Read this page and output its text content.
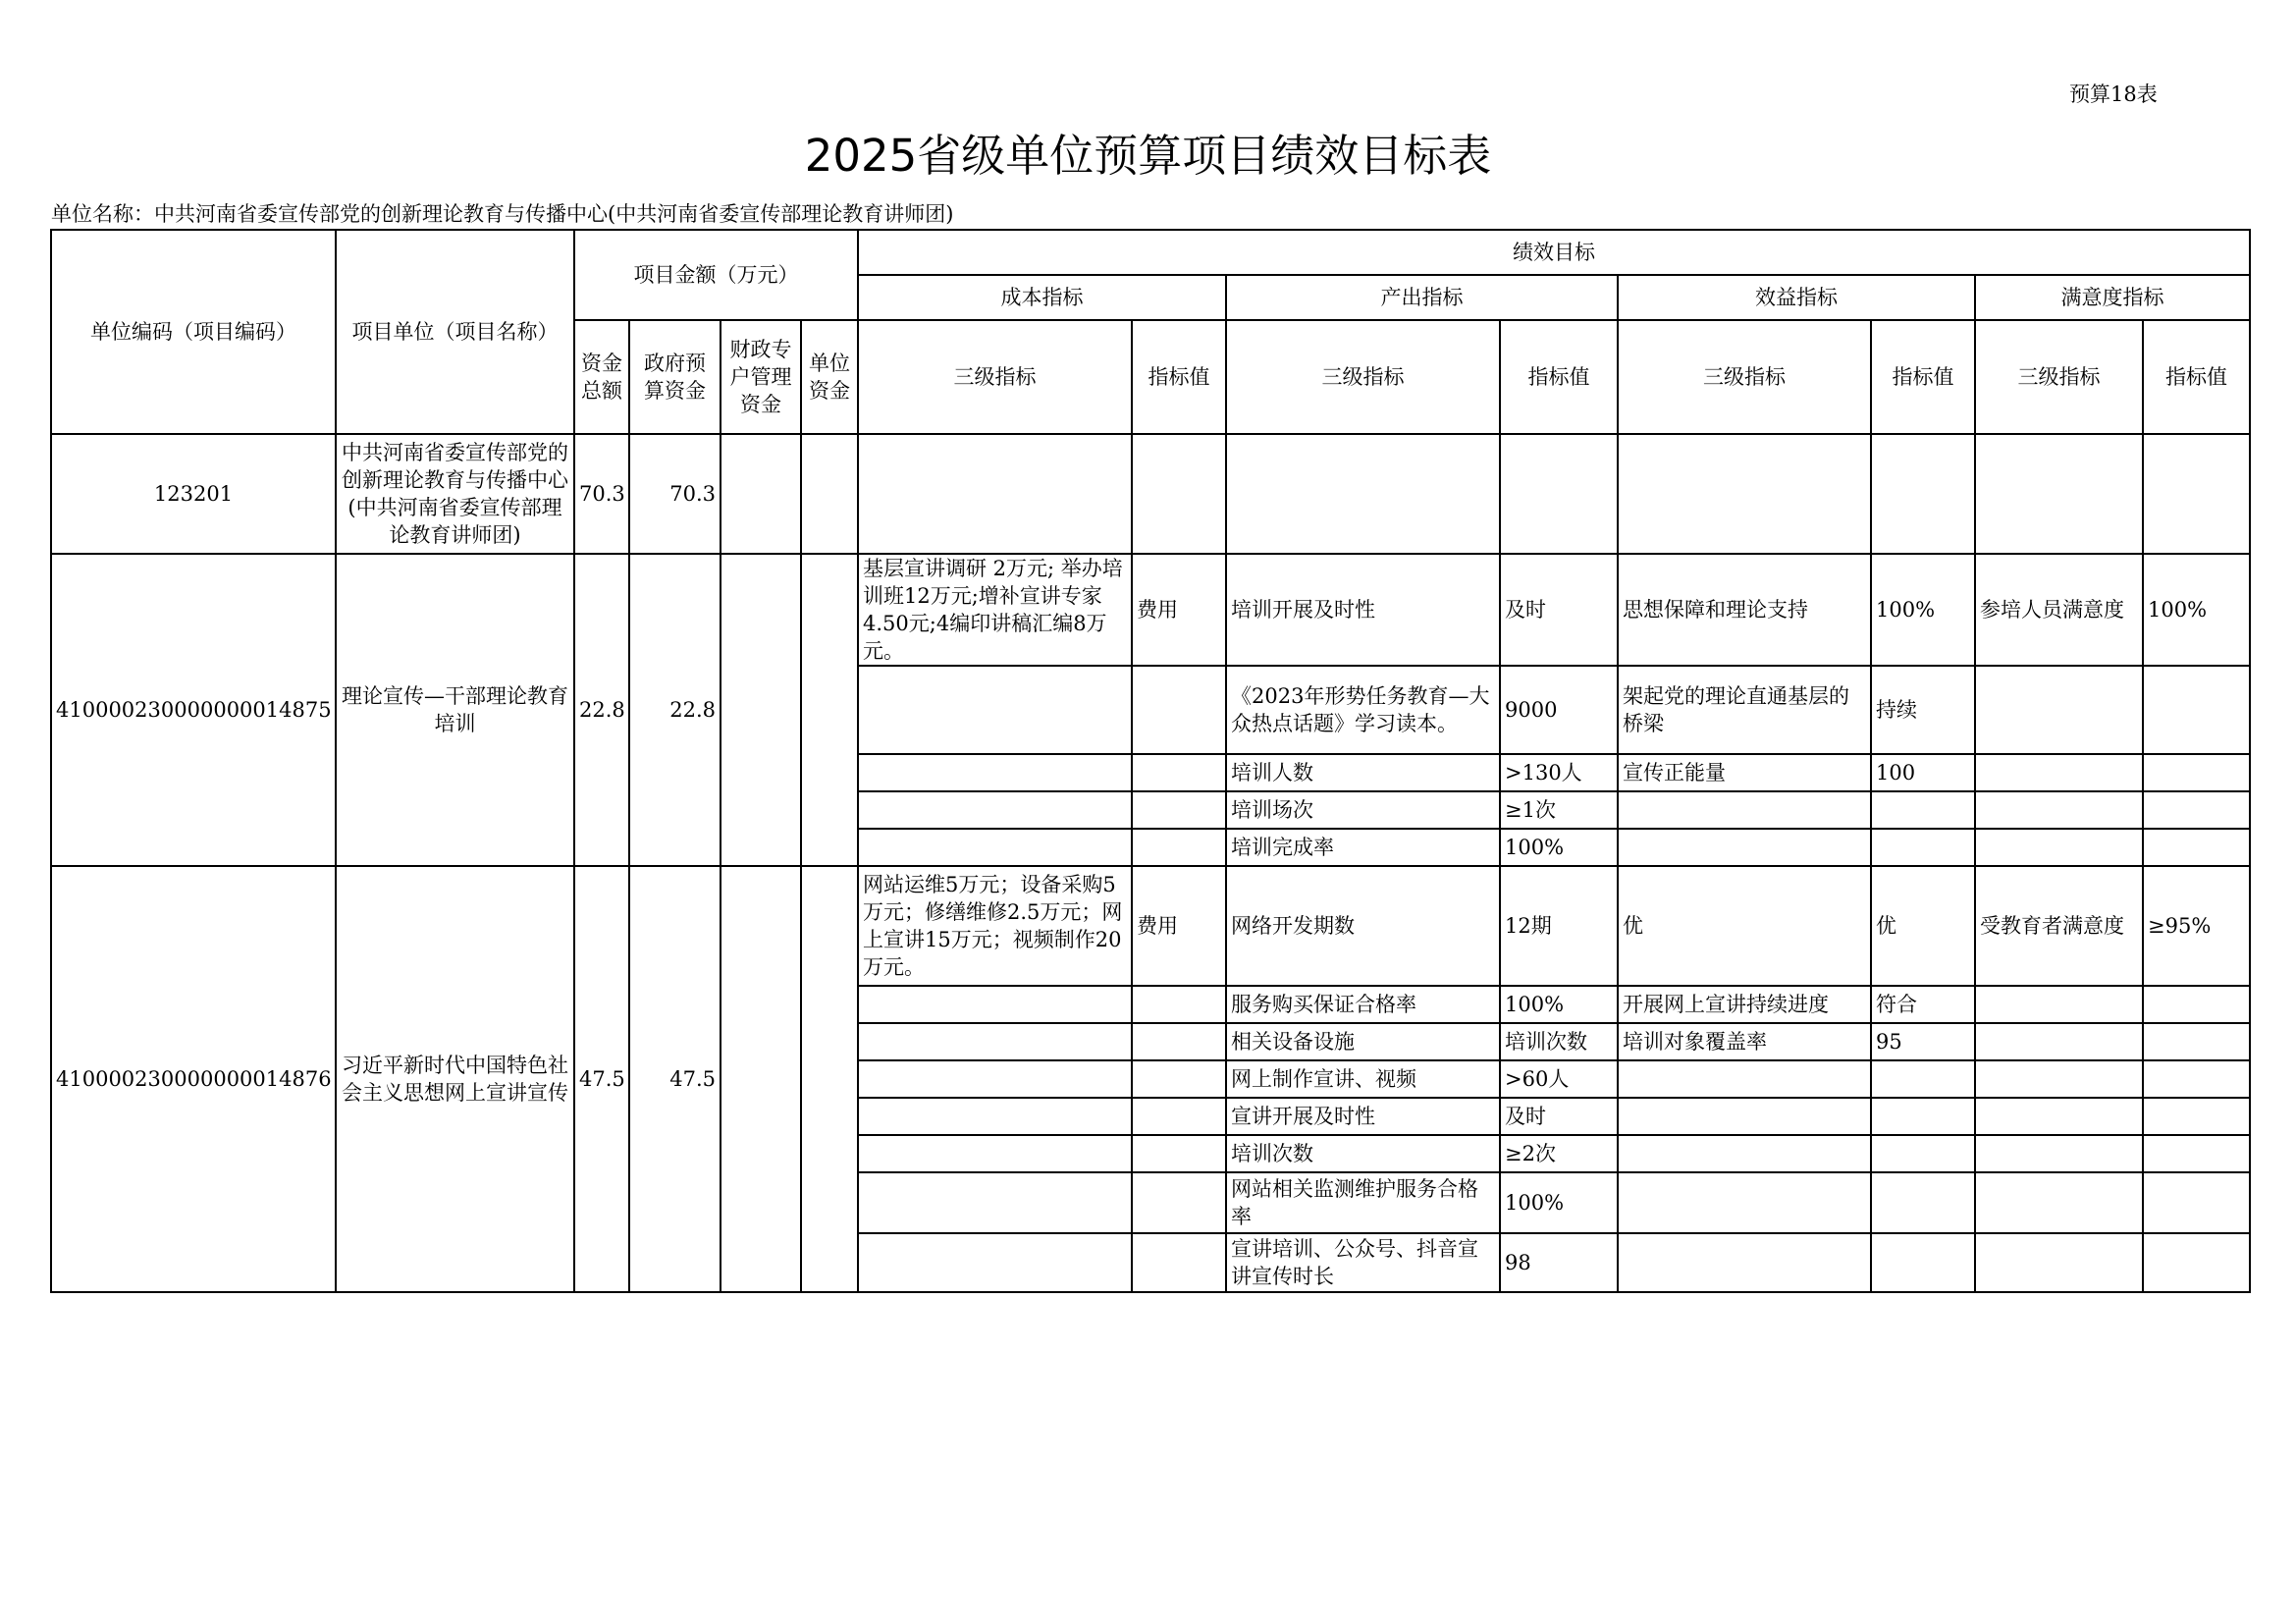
预算18表
2025省级单位预算项目绩效目标表
单位名称：中共河南省委宣传部党的创新理论教育与传播中心(中共河南省委宣传部理论教育讲师团)
单位编码（项目编码）	项目单位（项目名称）	项目金额（万元）				绩效目标							
						成本指标		产出指标		效益指标		满意度指标	
		资金总额	政府预算资金	财政专户管理资金	单位资金	三级指标	指标值	三级指标	指标值	三级指标	指标值	三级指标	指标值
123201	中共河南省委宣传部党的创新理论教育与传播中心(中共河南省委宣传部理论教育讲师团)	70.3	70.3										
410000230000000014875	理论宣传—干部理论教育培训	22.8	22.8			基层宣讲调研 2万元; 举办培训班12万元;增补宣讲专家4.50元;4编印讲稿汇编8万元。	费用	培训开展及时性	及时	思想保障和理论支持	100%	参培人员满意度	100%
								《2023年形势任务教育—大众热点话题》学习读本。	9000	架起党的理论直通基层的桥梁	持续		
								培训人数	>130人	宣传正能量	100		
								培训场次	≥1次				
								培训完成率	100%				
410000230000000014876	习近平新时代中国特色社会主义思想网上宣讲宣传	47.5	47.5			网站运维5万元；设备采购5万元；修缮维修2.5万元；网上宣讲15万元；视频制作20万元。	费用	网络开发期数	12期	优	优	受教育者满意度	≥95%
								服务购买保证合格率	100%	开展网上宣讲持续进度	符合		
								相关设备设施	培训次数	培训对象覆盖率	95		
								网上制作宣讲、视频	>60人				
								宣讲开展及时性	及时				
								培训次数	≥2次				
								网站相关监测维护服务合格率	100%				
								宣讲培训、公众号、抖音宣讲宣传时长	98				
